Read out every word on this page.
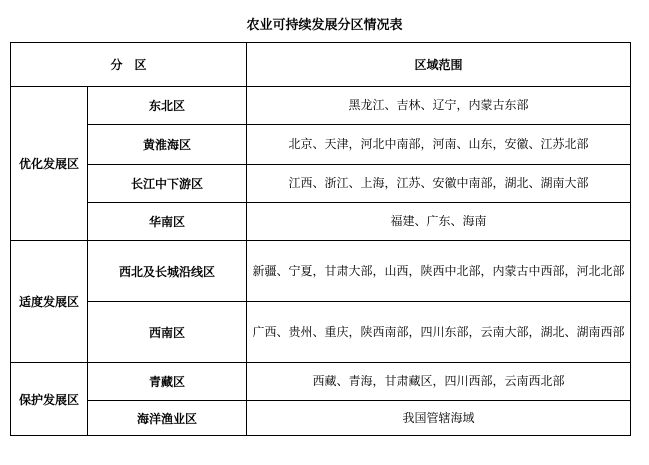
农业可持续发展分区情况表
分　区		区域范围
优化发展区	东北区	黑龙江、吉林、辽宁，内蒙古东部
	黄淮海区	北京、天津，河北中南部，河南、山东，安徽、江苏北部
	长江中下游区	江西、浙江、上海，江苏、安徽中南部，湖北、湖南大部
	华南区	福建、广东、海南
适度发展区	西北及长城沿线区	新疆、宁夏，甘肃大部，山西，陕西中北部，内蒙古中西部，河北北部
	西南区	广西、贵州、重庆，陕西南部，四川东部，云南大部，湖北、湖南西部
保护发展区	青藏区	西藏、青海，甘肃藏区，四川西部，云南西北部
	海洋渔业区	我国管辖海域
